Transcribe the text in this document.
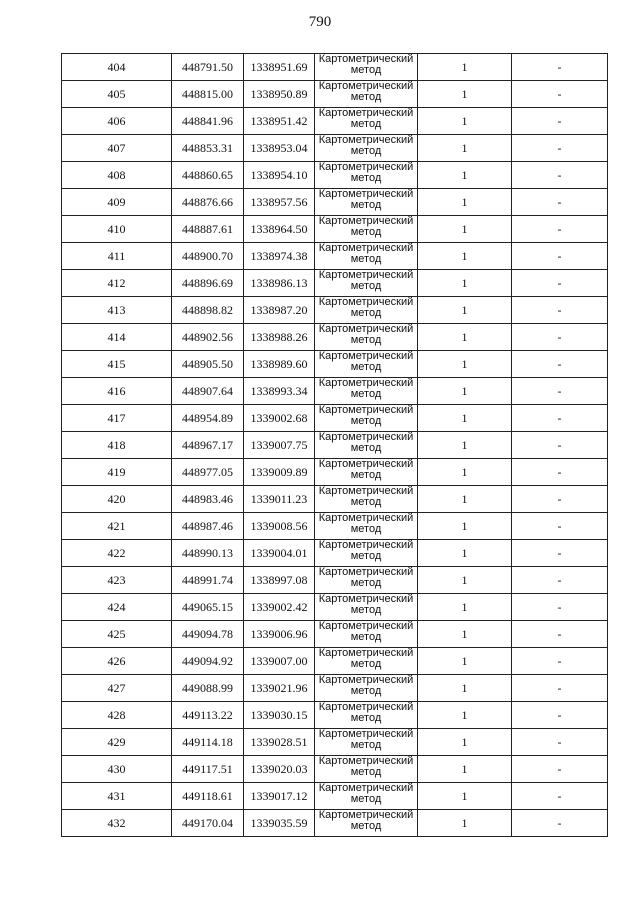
790
404	448791.50	1338951.69	Картометрический метод	1	-
405	448815.00	1338950.89	Картометрический метод	1	-
406	448841.96	1338951.42	Картометрический метод	1	-
407	448853.31	1338953.04	Картометрический метод	1	-
408	448860.65	1338954.10	Картометрический метод	1	-
409	448876.66	1338957.56	Картометрический метод	1	-
410	448887.61	1338964.50	Картометрический метод	1	-
411	448900.70	1338974.38	Картометрический метод	1	-
412	448896.69	1338986.13	Картометрический метод	1	-
413	448898.82	1338987.20	Картометрический метод	1	-
414	448902.56	1338988.26	Картометрический метод	1	-
415	448905.50	1338989.60	Картометрический метод	1	-
416	448907.64	1338993.34	Картометрический метод	1	-
417	448954.89	1339002.68	Картометрический метод	1	-
418	448967.17	1339007.75	Картометрический метод	1	-
419	448977.05	1339009.89	Картометрический метод	1	-
420	448983.46	1339011.23	Картометрический метод	1	-
421	448987.46	1339008.56	Картометрический метод	1	-
422	448990.13	1339004.01	Картометрический метод	1	-
423	448991.74	1338997.08	Картометрический метод	1	-
424	449065.15	1339002.42	Картометрический метод	1	-
425	449094.78	1339006.96	Картометрический метод	1	-
426	449094.92	1339007.00	Картометрический метод	1	-
427	449088.99	1339021.96	Картометрический метод	1	-
428	449113.22	1339030.15	Картометрический метод	1	-
429	449114.18	1339028.51	Картометрический метод	1	-
430	449117.51	1339020.03	Картометрический метод	1	-
431	449118.61	1339017.12	Картометрический метод	1	-
432	449170.04	1339035.59	Картометрический метод	1	-
